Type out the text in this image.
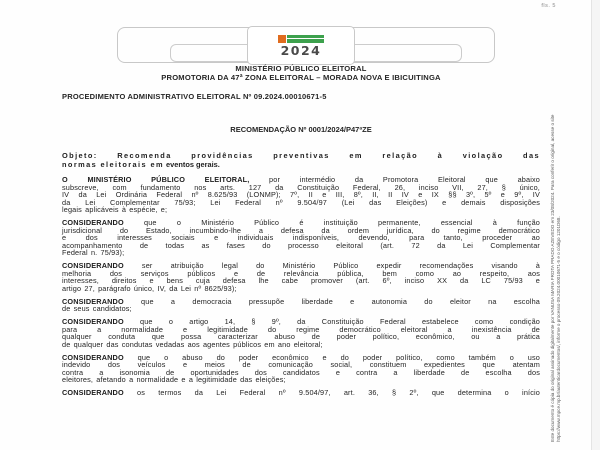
fls. 5
2024
MINISTÉRIO PÚBLICO ELEITORAL
PROMOTORIA DA 47ª ZONA ELEITORAL – MORADA NOVA E IBICUITINGA
PROCEDIMENTO ADMINISTRATIVO ELEITORAL Nº 09.2024.00010671-5
RECOMENDAÇÃO Nº 0001/2024/P47ªZE
Objeto: Recomenda providências preventivas em relação à violação das
normas eleitorais em eventos gerais.
O MINISTÉRIO PÚBLICO ELEITORAL, por intermédio da Promotora Eleitoral que abaixo
subscreve, com fundamento nos arts. 127 da Constituição Federal, 26, inciso VII, 27, § único,
IV da Lei Ordinária Federal nº 8.625/93 (LONMP); 7º, II e III, 8º, II, II IV e IX §§ 3º, 5º e 9º, IV
da Lei Complementar 75/93; Lei Federal nº 9.504/97 (Lei das Eleições) e demais disposições
legais aplicáveis à espécie, e;
CONSIDERANDO que o Ministério Público é instituição permanente, essencial à função
jurisdicional do Estado, incumbindo-lhe a defesa da ordem jurídica, do regime democrático
e dos interesses sociais e individuais indisponíveis, devendo, para tanto, proceder ao
acompanhamento de todas as fases do processo eleitoral (art. 72 da Lei Complementar
Federal n. 75/93);
CONSIDERANDO ser atribuição legal do Ministério Público expedir recomendações visando à
melhoria dos serviços públicos e de relevância pública, bem como ao respeito, aos
interesses, direitos e bens cuja defesa lhe cabe promover (art. 6º, inciso XX da LC 75/93 e
artigo 27, parágrafo único, IV, da Lei nº 8625/93);
CONSIDERANDO que a democracia pressupõe liberdade e autonomia do eleitor na escolha
de seus candidatos;
CONSIDERANDO que o artigo 14, § 9º, da Constituição Federal estabelece como condição
para a normalidade e legitimidade do regime democrático eleitoral a inexistência de
qualquer conduta que possa caracterizar abuso de poder político, econômico, ou a prática
de qualquer das condutas vedadas aos agentes públicos em ano eleitoral;
CONSIDERANDO que o abuso do poder econômico e do poder político, como também o uso
indevido dos veículos e meios de comunicação social, constituem expedientes que atentam
contra a isonomia de oportunidades dos candidatos e contra a liberdade de escolha dos
eleitores, afetando a normalidade e a legitimidade das eleições;
CONSIDERANDO os termos da Lei Federal nº 9.504/97, art. 36, § 2º, que determina o início Este documento é cópia do original assinado digitalmente por VANUSA MARIA FROTA PRADO AZEVEDO em 23/08/2024. Para conferir o original, acesse o site https://www.mpce.mp.br/autenticardocumentos/, informe o processo 09.2024.00010671-5 e o código 1201D68.
